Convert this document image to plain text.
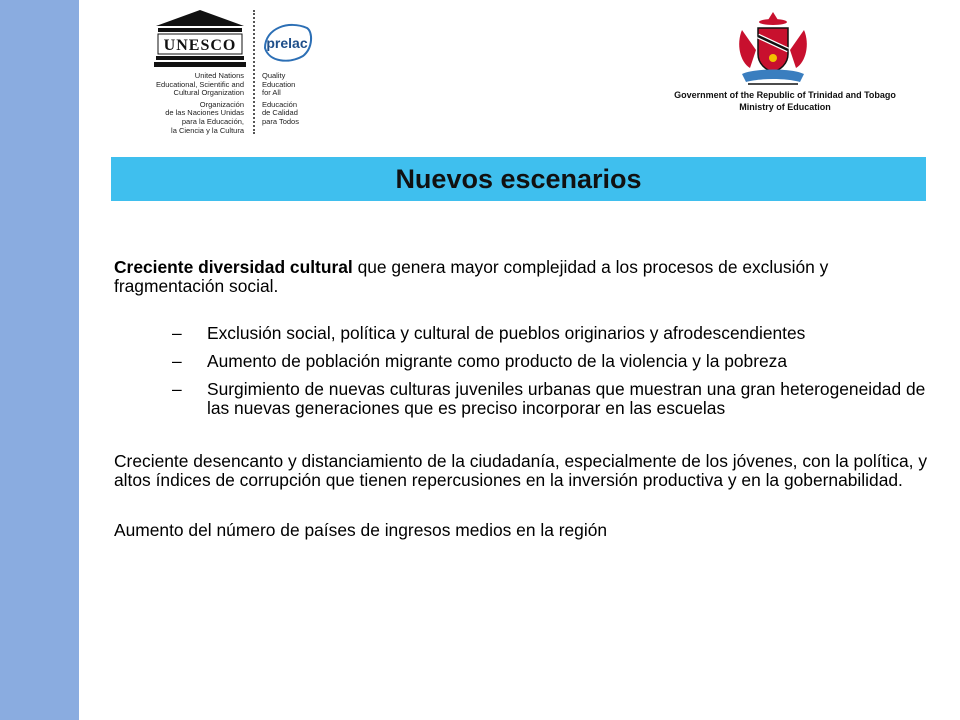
UNESCO

United Nations
Educational, Scientific and
Cultural Organization

Organización
de las Naciones Unidas
para la Educación,
la Ciencia y la Cultura

prelac

Quality
Education
for All

Educación
de Calidad
para Todos

Government of the Republic of Trinidad and Tobago
Ministry of Education
Nuevos escenarios

Creciente diversidad cultural que genera mayor complejidad a los procesos de exclusión y fragmentación social.

– Exclusión social, política y cultural de pueblos originarios y afrodescendientes
– Aumento de población migrante como producto de la violencia y la pobreza
– Surgimiento de nuevas culturas juveniles urbanas que muestran una gran heterogeneidad de las nuevas generaciones que es preciso incorporar en las escuelas

Creciente desencanto y distanciamiento de la ciudadanía, especialmente de los jóvenes, con la política, y altos índices de corrupción que tienen repercusiones en la inversión productiva y en la gobernabilidad.

Aumento del número de países de ingresos medios en la región
